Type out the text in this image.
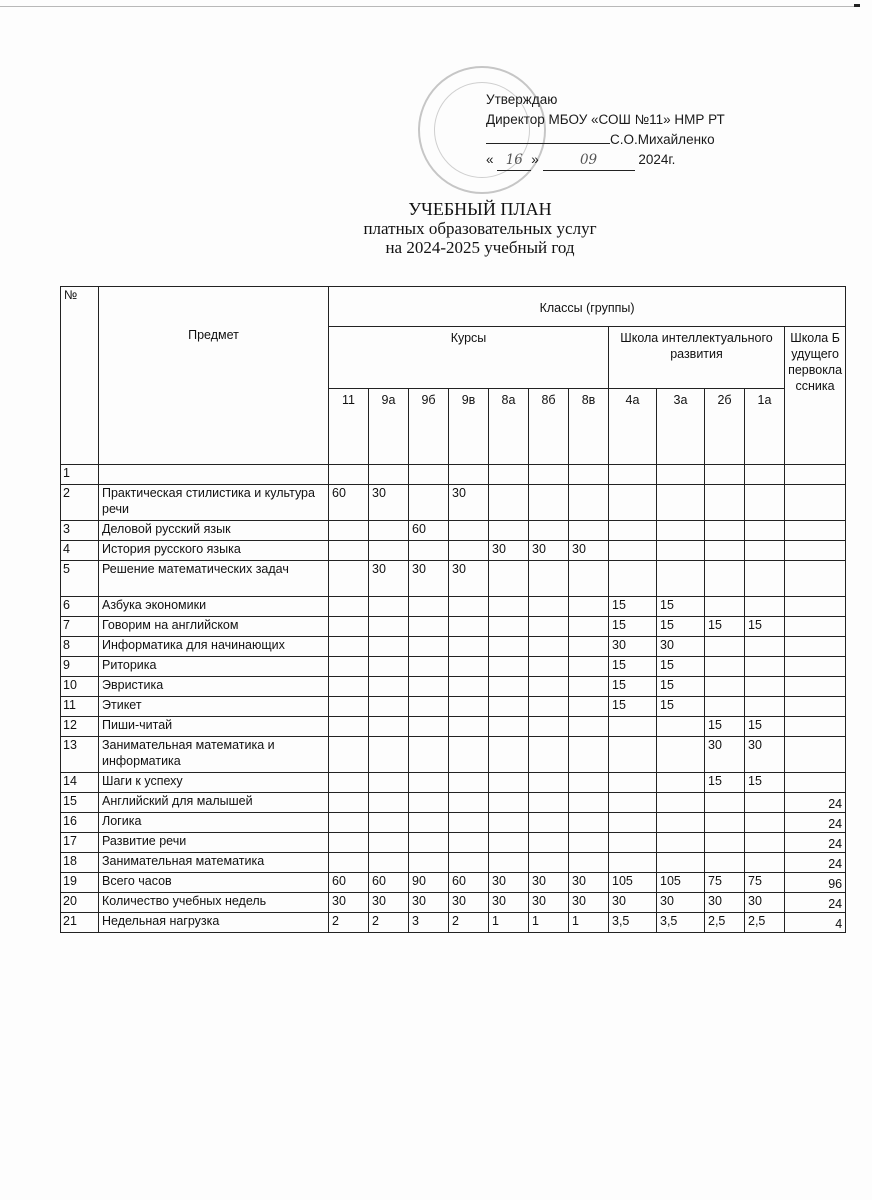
Утверждаю
Директор МБОУ «СОШ №11» НМР РТ
С.О.Михайленко
« 16 »	09	2024г.
УЧЕБНЫЙ ПЛАН
платных образовательных услуг
на 2024-2025 учебный год
№	Предмет	Классы (группы)											
		Курсы							Школа интеллектуального развития				Школа Будущего первоклассника
		11	9а	9б	9в	8а	8б	8в	4а	3а	2б	1а	
1													
2	Практическая стилистика и культура речи	60	30		30								
3	Деловой русский язык			60									
4	История русского языка					30	30	30					
5	Решение математических задач		30	30	30								
6	Азбука экономики								15	15			
7	Говорим на английском								15	15	15	15	
8	Информатика для начинающих								30	30			
9	Риторика								15	15			
10	Эвристика								15	15			
11	Этикет								15	15			
12	Пиши-читай										15	15	
13	Занимательная математика и информатика										30	30	
14	Шаги к успеху										15	15	
15	Английский для малышей												24
16	Логика												24
17	Развитие речи												24
18	Занимательная математика												24
19	Всего часов	60	60	90	60	30	30	30	105	105	75	75	96
20	Количество учебных недель	30	30	30	30	30	30	30	30	30	30	30	24
21	Недельная нагрузка	2	2	3	2	1	1	1	3,5	3,5	2,5	2,5	4
